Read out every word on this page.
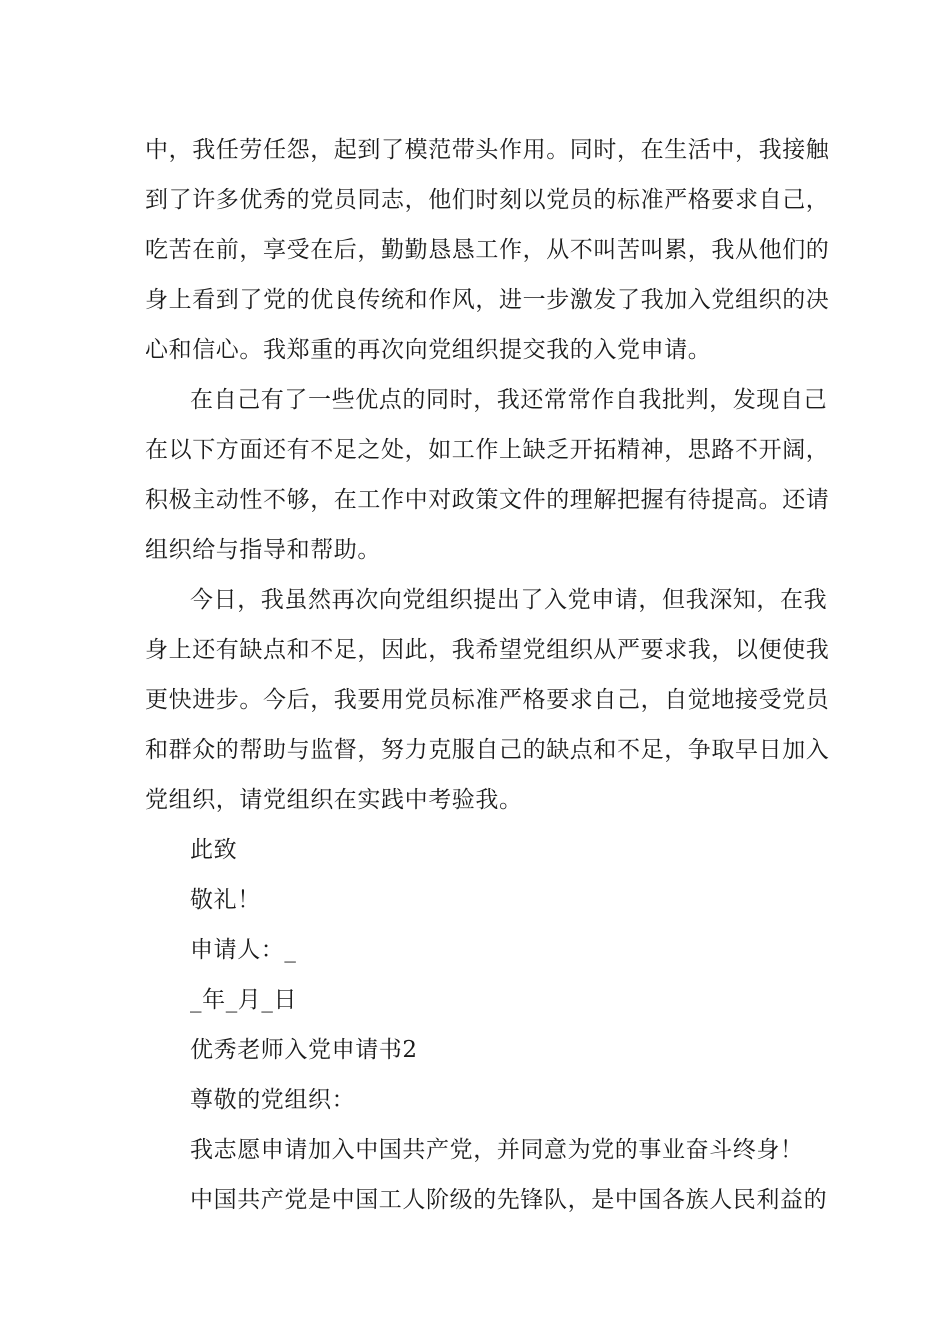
中，我任劳任怨，起到了模范带头作用。同时，在生活中，我接触
到了许多优秀的党员同志，他们时刻以党员的标准严格要求自己，
吃苦在前，享受在后，勤勤恳恳工作，从不叫苦叫累，我从他们的
身上看到了党的优良传统和作风，进一步激发了我加入党组织的决
心和信心。我郑重的再次向党组织提交我的入党申请。
在自己有了一些优点的同时，我还常常作自我批判，发现自己
在以下方面还有不足之处，如工作上缺乏开拓精神，思路不开阔，
积极主动性不够，在工作中对政策文件的理解把握有待提高。还请
组织给与指导和帮助。
今日，我虽然再次向党组织提出了入党申请，但我深知，在我
身上还有缺点和不足，因此，我希望党组织从严要求我，以便使我
更快进步。今后，我要用党员标准严格要求自己，自觉地接受党员
和群众的帮助与监督，努力克服自己的缺点和不足，争取早日加入
党组织，请党组织在实践中考验我。
此致
敬礼！
申请人：_
_年_月_日
优秀老师入党申请书2
尊敬的党组织：
我志愿申请加入中国共产党，并同意为党的事业奋斗终身！
中国共产党是中国工人阶级的先锋队，是中国各族人民利益的
